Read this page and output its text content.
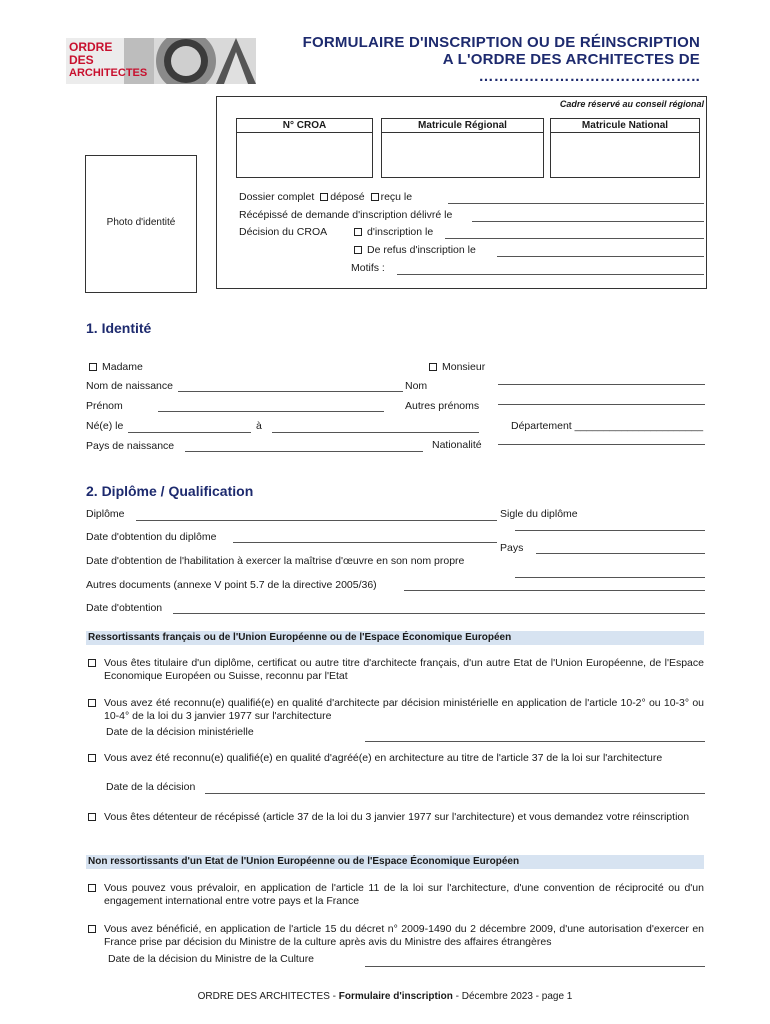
ORDRE
DES
ARCHITECTES
FORMULAIRE D'INSCRIPTION OU DE RÉINSCRIPTION
A L'ORDRE DES ARCHITECTES DE
……………………………………..
Photo d'identité
Cadre réservé au conseil régional
N° CROA	Matricule Régional	Matricule National
Dossier complet déposé reçu le
Récépissé de demande d'inscription délivré le
Décision du CROA	d'inscription le
De refus d'inscription le
Motifs :
1. Identité
Madame	Monsieur
Nom de naissance	Nom
Prénom	Autres prénoms
Né(e) le	à	Département ______________________
Pays de naissance	Nationalité
2. Diplôme / Qualification
Diplôme	Sigle du diplôme
Date d'obtention du diplôme
Pays
Date d'obtention de l'habilitation à exercer la maîtrise d'œuvre en son nom propre
Autres documents (annexe V point 5.7 de la directive 2005/36)
Date d'obtention
Ressortissants français ou de l'Union Européenne ou de l'Espace Économique Européen
Vous êtes titulaire d'un diplôme, certificat ou autre titre d'architecte français, d'un autre Etat de l'Union Européenne, de l'Espace Economique Européen ou Suisse, reconnu par l'Etat
Vous avez été reconnu(e) qualifié(e) en qualité d'architecte par décision ministérielle en application de l'article 10-2° ou 10-3° ou 10-4° de la loi du 3 janvier 1977 sur l'architecture
Date de la décision ministérielle
Vous avez été reconnu(e) qualifié(e) en qualité d'agréé(e) en architecture au titre de l'article 37 de la loi sur l'architecture
Date de la décision
Vous êtes détenteur de récépissé (article 37 de la loi du 3 janvier 1977 sur l'architecture) et vous demandez votre réinscription
Non ressortissants d'un Etat de l'Union Européenne ou de l'Espace Économique Européen
Vous pouvez vous prévaloir, en application de l'article 11 de la loi sur l'architecture, d'une convention de réciprocité ou d'un engagement international entre votre pays et la France
Vous avez bénéficié, en application de l'article 15 du décret n° 2009-1490 du 2 décembre 2009, d'une autorisation d'exercer en France prise par décision du Ministre de la culture après avis du Ministre des affaires étrangères
Date de la décision du Ministre de la Culture
ORDRE DES ARCHITECTES - Formulaire d'inscription - Décembre 2023 - page 1
